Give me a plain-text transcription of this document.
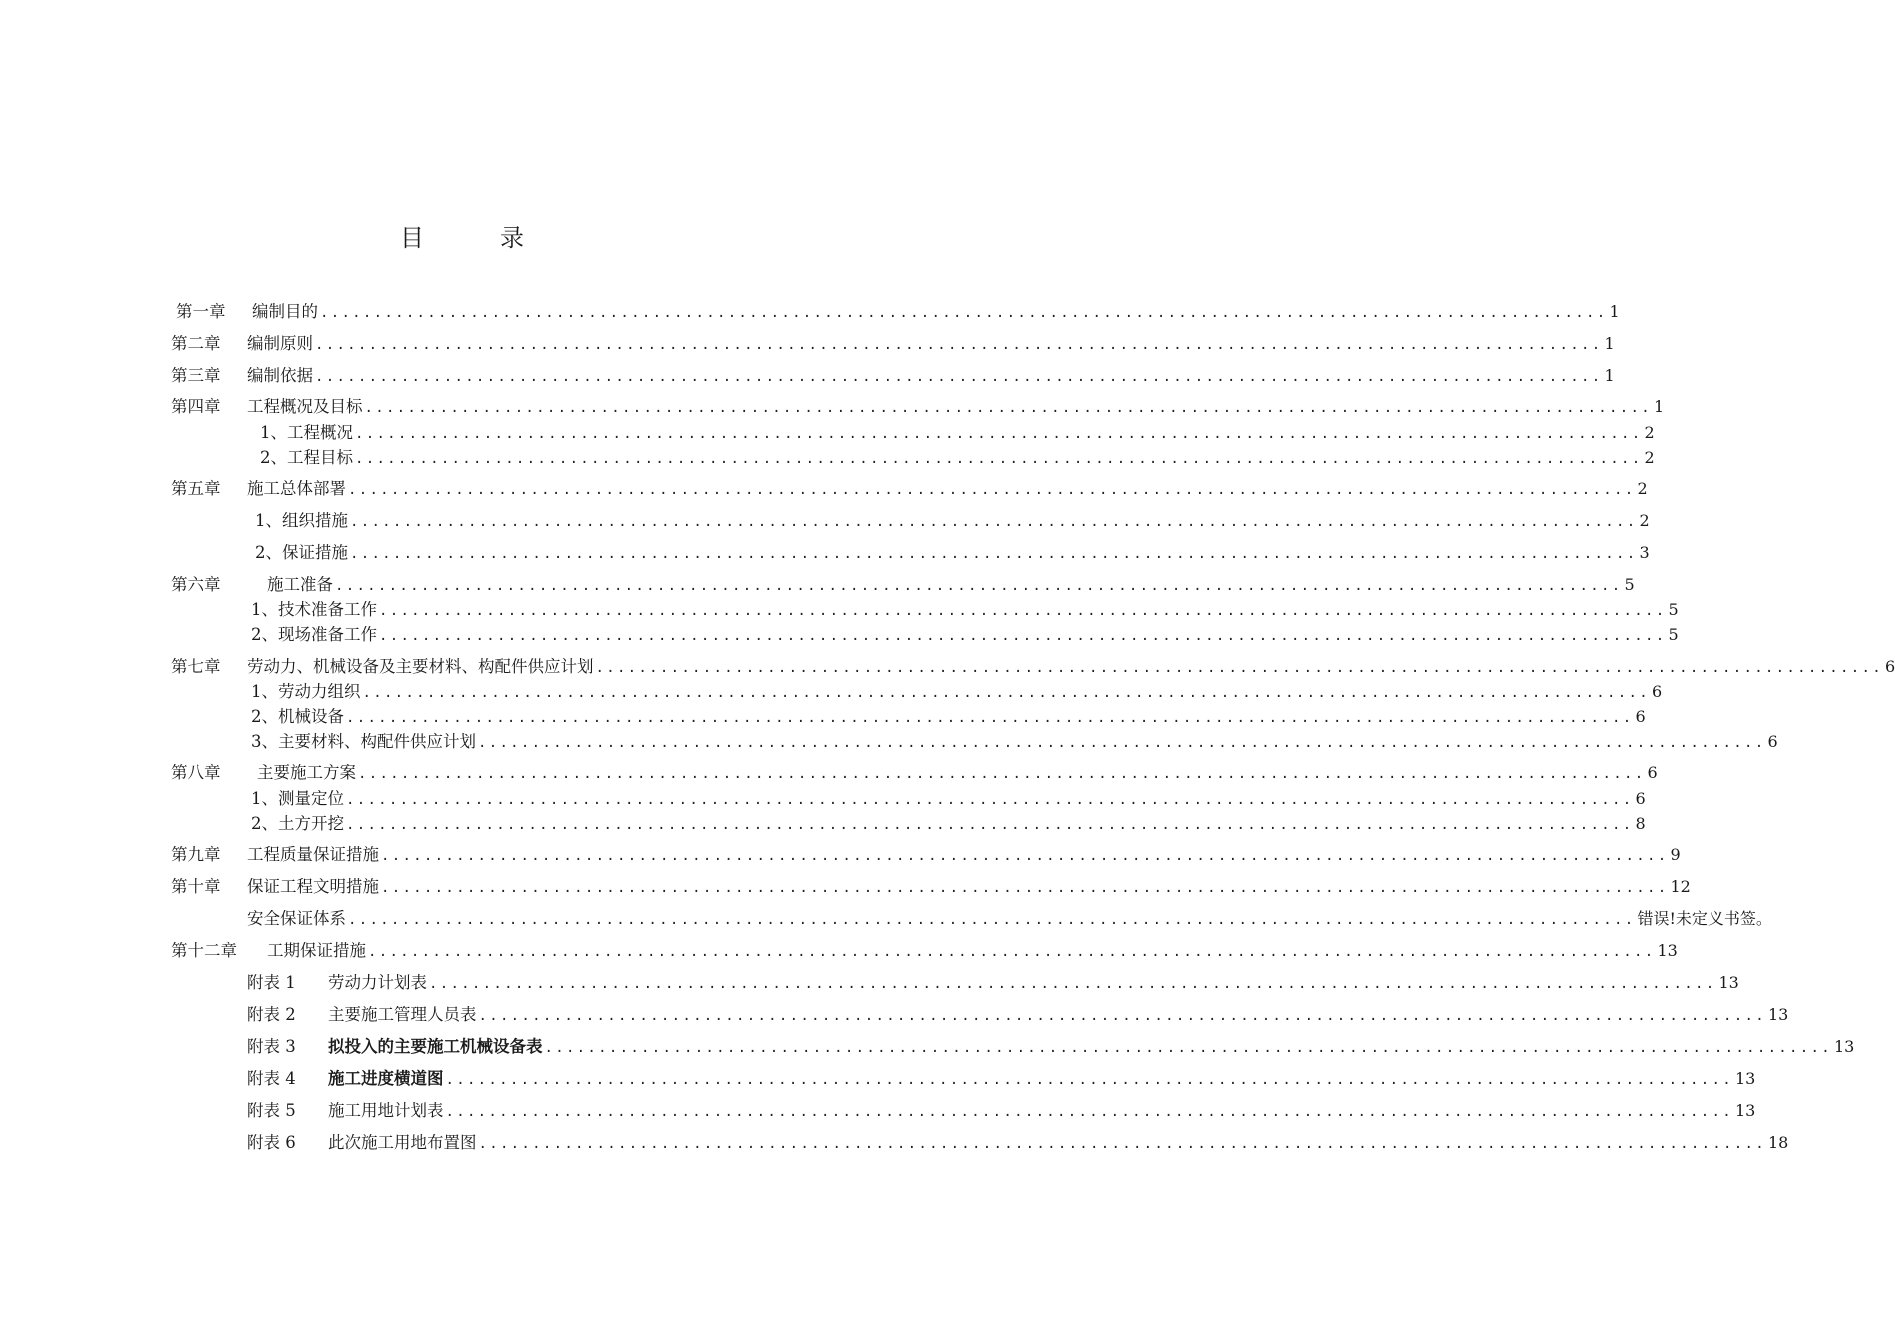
目　录
第一章	编制目的 ........................................................................................................................ 1
第二章	编制原则 ........................................................................................................................ 1
第三章	编制依据 ........................................................................................................................ 1
第四章	工程概况及目标 ........................................................................................................................ 1
1、工程概况 ........................................................................................................................ 2
2、工程目标 ........................................................................................................................ 2
第五章	施工总体部署 ........................................................................................................................ 2
1、组织措施 ........................................................................................................................ 2
2、保证措施 ........................................................................................................................ 3
第六章	施工准备 ........................................................................................................................ 5
1、技术准备工作 ........................................................................................................................ 5
2、现场准备工作 ........................................................................................................................ 5
第七章	劳动力、机械设备及主要材料、构配件供应计划 ........................................................................................................................ 6
1、劳动力组织 ........................................................................................................................ 6
2、机械设备 ........................................................................................................................ 6
3、主要材料、构配件供应计划 ........................................................................................................................ 6
第八章	主要施工方案 ........................................................................................................................ 6
1、测量定位 ........................................................................................................................ 6
2、土方开挖 ........................................................................................................................ 8
第九章	工程质量保证措施 ........................................................................................................................ 9
第十章	保证工程文明措施 ........................................................................................................................ 12
安全保证体系 ........................................................................................................................ 错误!未定义书签。
第十二章	工期保证措施 ........................................................................................................................ 13
附表 1	劳动力计划表 ........................................................................................................................ 13
附表 2	主要施工管理人员表 ........................................................................................................................ 13
附表 3	拟投入的主要施工机械设备表 ........................................................................................................................ 13
附表 4	施工进度横道图 ........................................................................................................................ 13
附表 5	施工用地计划表 ........................................................................................................................ 13
附表 6	此次施工用地布置图 ........................................................................................................................ 18
